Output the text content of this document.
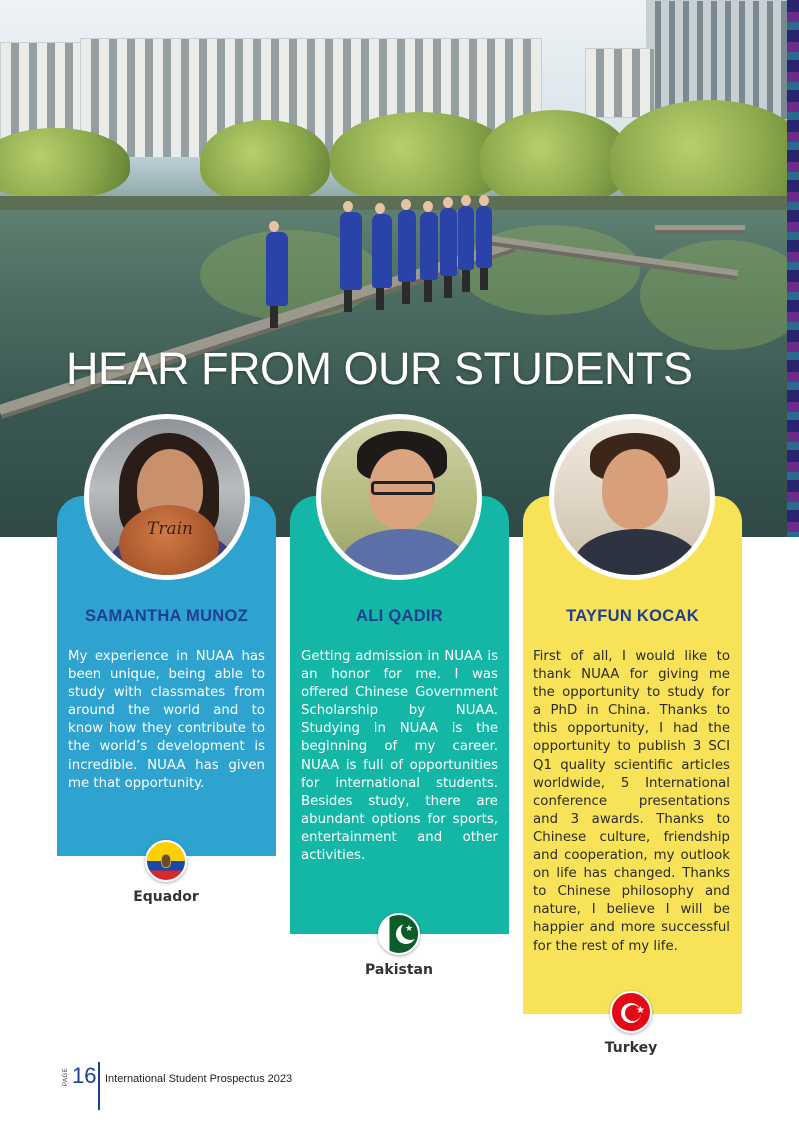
HEAR FROM OUR STUDENTS
Train
SAMANTHA MUNOZ	ALI QADIR	TAYFUN KOCAK

My experience in NUAA has been unique, being able to study with classmates from around the world and to know how they contribute to the world’s development is incredible. NUAA has given me that opportunity.

Getting admission in NUAA is an honor for me. I was offered Chinese Government Scholarship by NUAA. Studying in NUAA is the beginning of my career. NUAA is full of opportunities for international students. Besides study, there are abundant options for sports, entertainment and other activities.

First of all, I would like to thank NUAA for giving me the opportunity to study for a PhD in China. Thanks to this opportunity, I had the opportunity to publish 3 SCI Q1 quality scientific articles worldwide, 5 International conference presentations and 3 awards. Thanks to Chinese culture, friendship and cooperation, my outlook on life has changed. Thanks to Chinese philosophy and nature, I believe I will be happier and more successful for the rest of my life.

★
★
Equador
Pakistan
Turkey
PAGE 16 International Student Prospectus 2023
